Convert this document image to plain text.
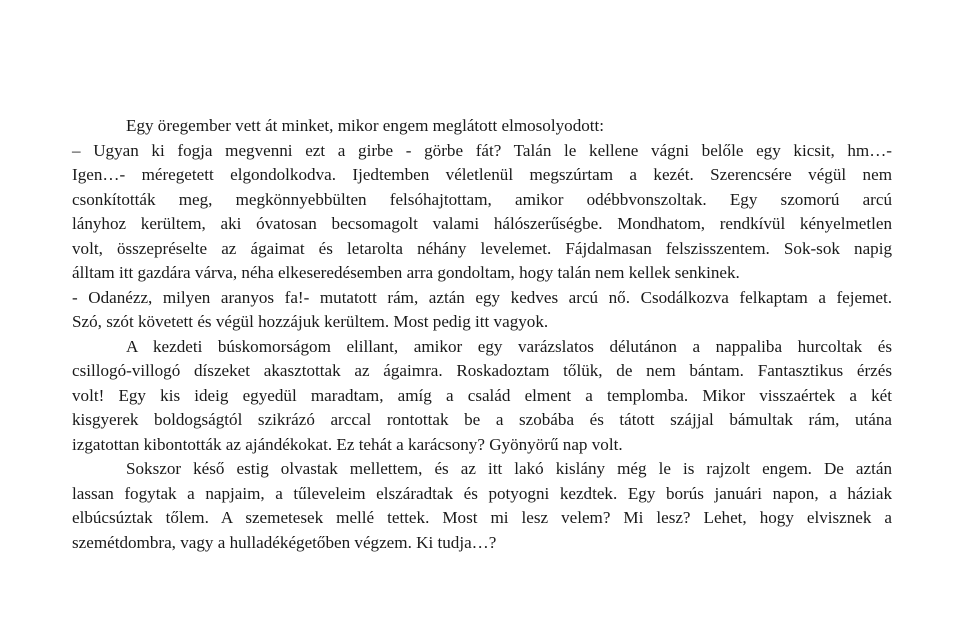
Egy öregember vett át minket, mikor engem meglátott elmosolyodott:
– Ugyan ki fogja megvenni ezt a girbe - görbe fát? Talán le kellene vágni belőle egy kicsit, hm…-
Igen…- méregetett elgondolkodva. Ijedtemben véletlenül megszúrtam a kezét. Szerencsére végül nem
csonkították meg, megkönnyebbülten felsóhajtottam, amikor odébbvonszoltak. Egy szomorú arcú
lányhoz kerültem, aki óvatosan becsomagolt valami hálószerűségbe. Mondhatom, rendkívül kényelmetlen
volt, összepréselte az ágaimat és letarolta néhány levelemet. Fájdalmasan felszisszentem. Sok-sok napig
álltam itt gazdára várva, néha elkeseredésemben arra gondoltam, hogy talán nem kellek senkinek.
- Odanézz, milyen aranyos fa!- mutatott rám, aztán egy kedves arcú nő. Csodálkozva felkaptam a fejemet.
Szó, szót követett és végül hozzájuk kerültem. Most pedig itt vagyok.
A kezdeti búskomorságom elillant, amikor egy varázslatos délutánon a nappaliba hurcoltak és
csillogó-villogó díszeket akasztottak az ágaimra. Roskadoztam tőlük, de nem bántam. Fantasztikus érzés
volt! Egy kis ideig egyedül maradtam, amíg a család elment a templomba. Mikor visszaértek a két
kisgyerek boldogságtól szikrázó arccal rontottak be a szobába és tátott szájjal bámultak rám, utána
izgatottan kibontották az ajándékokat. Ez tehát a karácsony? Gyönyörű nap volt.
Sokszor késő estig olvastak mellettem, és az itt lakó kislány még le is rajzolt engem. De aztán
lassan fogytak a napjaim, a tűleveleim elszáradtak és potyogni kezdtek. Egy borús januári napon, a háziak
elbúcsúztak tőlem. A szemetesek mellé tettek. Most mi lesz velem? Mi lesz? Lehet, hogy elvisznek a
szemétdombra, vagy a hulladékégetőben végzem. Ki tudja…?
